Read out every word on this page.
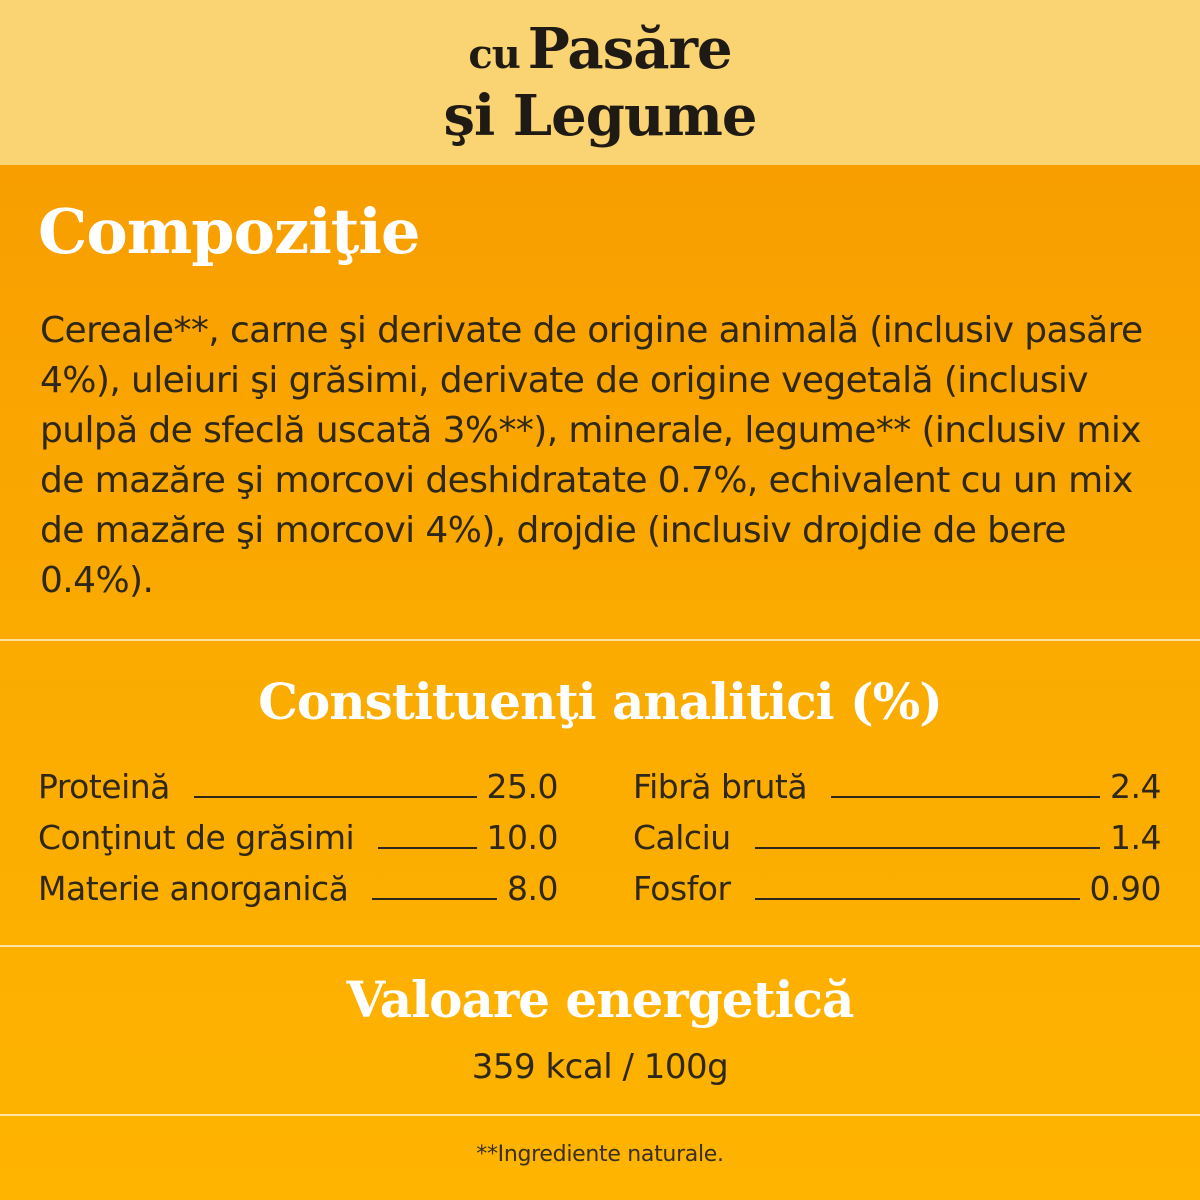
cu Pasăre
şi Legume
Compoziţie
Cereale**, carne şi derivate de origine animală (inclusiv pasăre 4%), uleiuri şi grăsimi, derivate de origine vegetală (inclusiv pulpă de sfeclă uscată 3%**), minerale, legume** (inclusiv mix de mazăre şi morcovi deshidratate 0.7%, echivalent cu un mix de mazăre şi morcovi 4%), drojdie (inclusiv drojdie de bere 0.4%).
Constituenţi analitici (%)
Proteină	25.0
Conţinut de grăsimi	10.0
Materie anorganică	8.0
Fibră brută	2.4
Calciu	1.4
Fosfor	0.90
Valoare energetică
359 kcal / 100g
**Ingrediente naturale.
